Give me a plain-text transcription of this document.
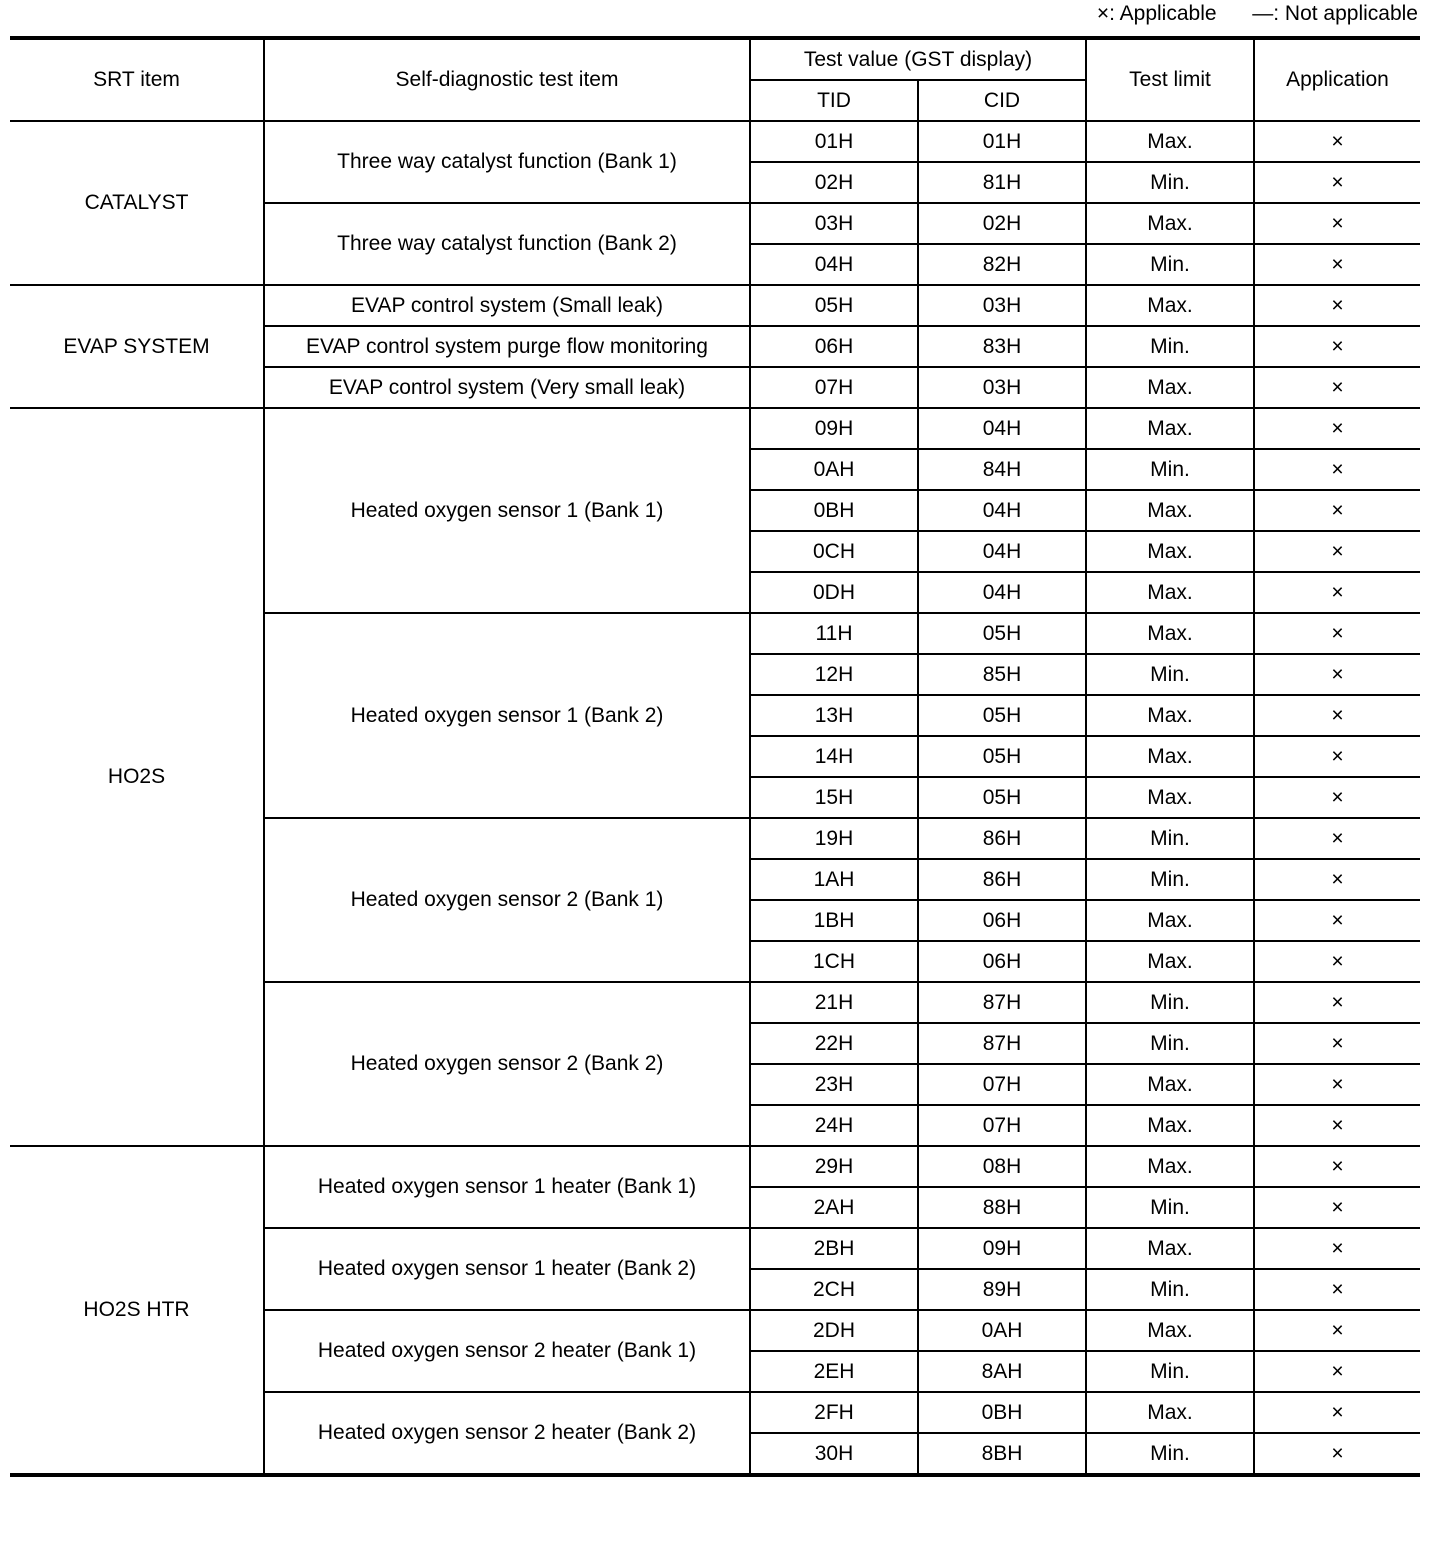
×: Applicable —: Not applicable
SRT item	Self-diagnostic test item	Test value (GST display)		Test limit	Application
		TID	CID		
CATALYST	Three way catalyst function (Bank 1)	01H	01H	Max.	×
		02H	81H	Min.	×
	Three way catalyst function (Bank 2)	03H	02H	Max.	×
		04H	82H	Min.	×
EVAP SYSTEM	EVAP control system (Small leak)	05H	03H	Max.	×
	EVAP control system purge flow monitoring	06H	83H	Min.	×
	EVAP control system (Very small leak)	07H	03H	Max.	×
HO2S	Heated oxygen sensor 1 (Bank 1)	09H	04H	Max.	×
		0AH	84H	Min.	×
		0BH	04H	Max.	×
		0CH	04H	Max.	×
		0DH	04H	Max.	×
	Heated oxygen sensor 1 (Bank 2)	11H	05H	Max.	×
		12H	85H	Min.	×
		13H	05H	Max.	×
		14H	05H	Max.	×
		15H	05H	Max.	×
	Heated oxygen sensor 2 (Bank 1)	19H	86H	Min.	×
		1AH	86H	Min.	×
		1BH	06H	Max.	×
		1CH	06H	Max.	×
	Heated oxygen sensor 2 (Bank 2)	21H	87H	Min.	×
		22H	87H	Min.	×
		23H	07H	Max.	×
		24H	07H	Max.	×
HO2S HTR	Heated oxygen sensor 1 heater (Bank 1)	29H	08H	Max.	×
		2AH	88H	Min.	×
	Heated oxygen sensor 1 heater (Bank 2)	2BH	09H	Max.	×
		2CH	89H	Min.	×
	Heated oxygen sensor 2 heater (Bank 1)	2DH	0AH	Max.	×
		2EH	8AH	Min.	×
	Heated oxygen sensor 2 heater (Bank 2)	2FH	0BH	Max.	×
		30H	8BH	Min.	×
